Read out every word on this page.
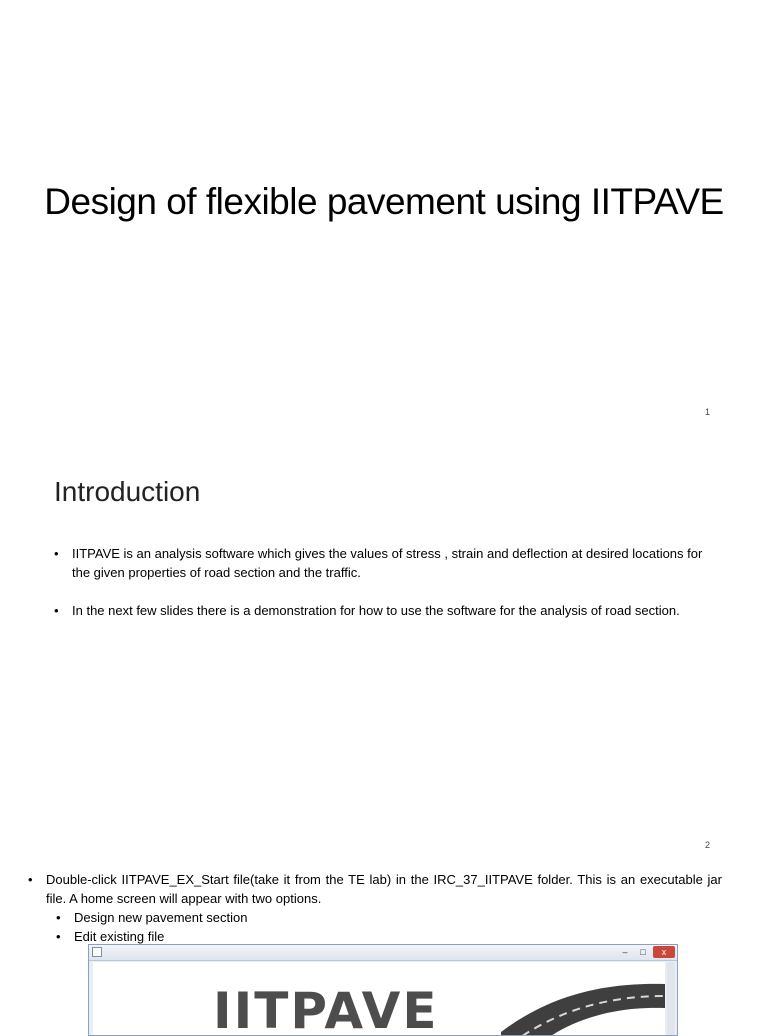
Design of flexible pavement using IITPAVE
1
Introduction
• IITPAVE is an analysis software which gives the values of stress , strain and deflection at desired locations for the given properties of road section and the traffic.
• In the next few slides there is a demonstration for how to use the software for the analysis of road section.
2
• Double-click IITPAVE_EX_Start file(take it from the TE lab) in the IRC_37_IITPAVE folder. This is an executable jar file. A home screen will appear with two options.
• Design new pavement section
• Edit existing file
–	□	x
IITPAVE
